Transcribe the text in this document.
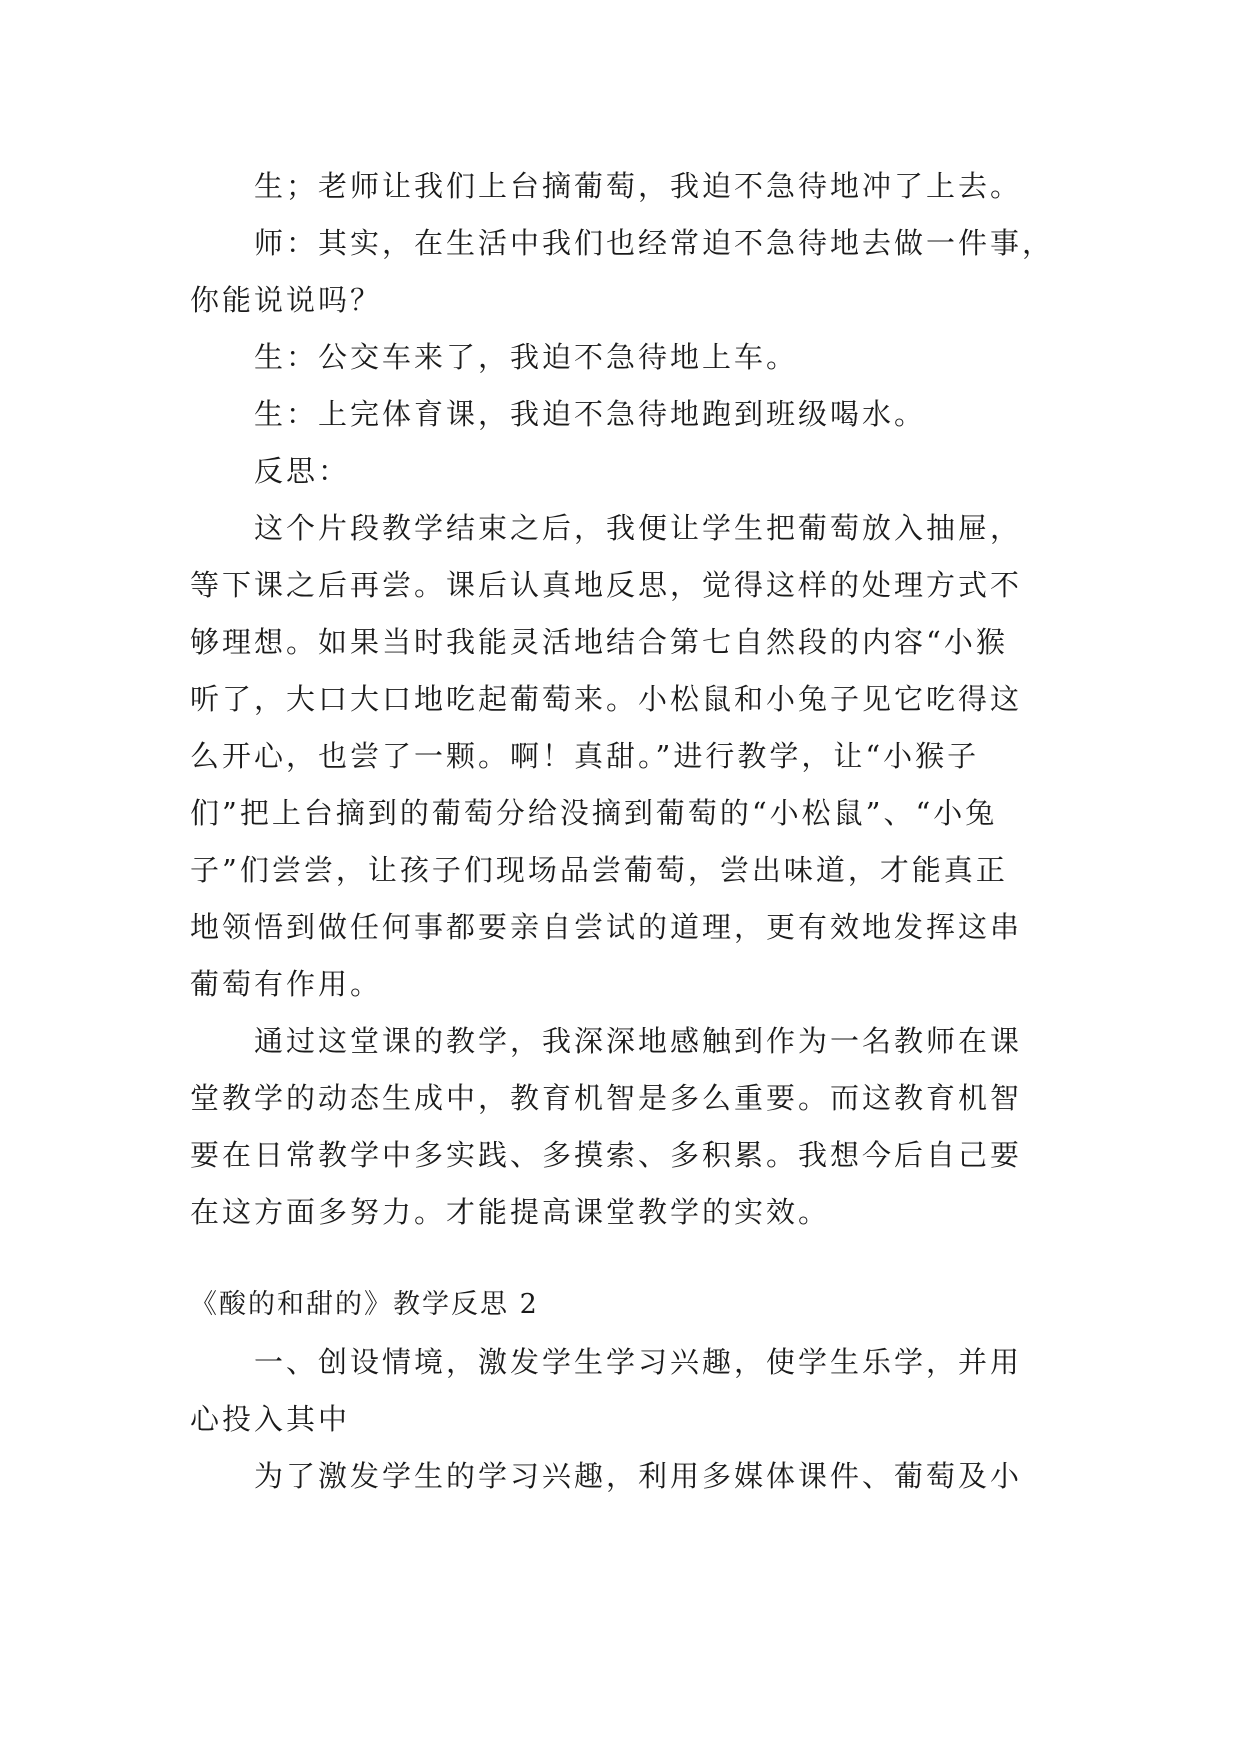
生；老师让我们上台摘葡萄，我迫不急待地冲了上去。
师：其实，在生活中我们也经常迫不急待地去做一件事，
你能说说吗？
生：公交车来了，我迫不急待地上车。
生：上完体育课，我迫不急待地跑到班级喝水。
反思：
这个片段教学结束之后，我便让学生把葡萄放入抽屉，
等下课之后再尝。课后认真地反思，觉得这样的处理方式不
够理想。如果当时我能灵活地结合第七自然段的内容“小猴
听了，大口大口地吃起葡萄来。小松鼠和小兔子见它吃得这
么开心，也尝了一颗。啊！真甜。”进行教学，让“小猴子
们”把上台摘到的葡萄分给没摘到葡萄的“小松鼠”、“小兔
子”们尝尝，让孩子们现场品尝葡萄，尝出味道，才能真正
地领悟到做任何事都要亲自尝试的道理，更有效地发挥这串
葡萄有作用。
通过这堂课的教学，我深深地感触到作为一名教师在课
堂教学的动态生成中，教育机智是多么重要。而这教育机智
要在日常教学中多实践、多摸索、多积累。我想今后自己要
在这方面多努力。才能提高课堂教学的实效。
《酸的和甜的》教学反思 2
一、创设情境，激发学生学习兴趣，使学生乐学，并用
心投入其中
为了激发学生的学习兴趣，利用多媒体课件、葡萄及小
